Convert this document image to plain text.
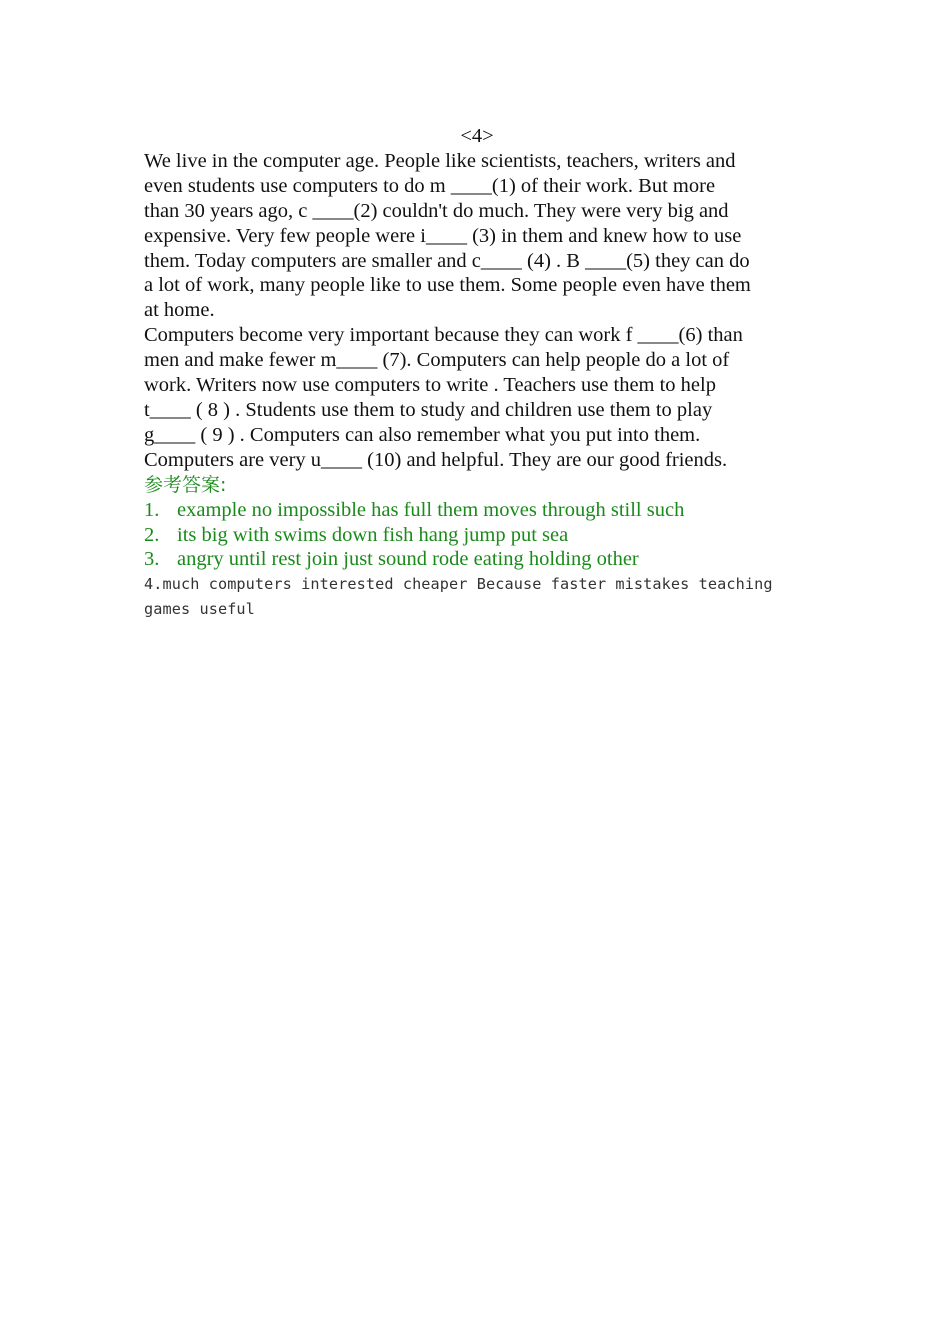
<4>

We live in the computer age. People like scientists, teachers, writers and
even students use computers to do m ____(1) of their work. But more
than 30 years ago, c ____(2) couldn't do much. They were very big and
expensive. Very few people were i____ (3) in them and knew how to use
them. Today computers are smaller and c____ (4) . B ____(5) they can do
a lot of work, many people like to use them. Some people even have them
at home.

Computers become very important because they can work f ____(6) than
men and make fewer m____ (7). Computers can help people do a lot of
work. Writers now use computers to write . Teachers use them to help
t____ ( 8 ) . Students use them to study and children use them to play
g____ ( 9 ) . Computers can also remember what you put into them.
Computers are very u____ (10) and helpful. They are our good friends.

参考答案:

1. example no impossible has full them moves through still such

2. its big with swims down fish hang jump put sea

3. angry until rest join just sound rode eating holding other

4.much computers interested cheaper Because faster mistakes teaching games useful
